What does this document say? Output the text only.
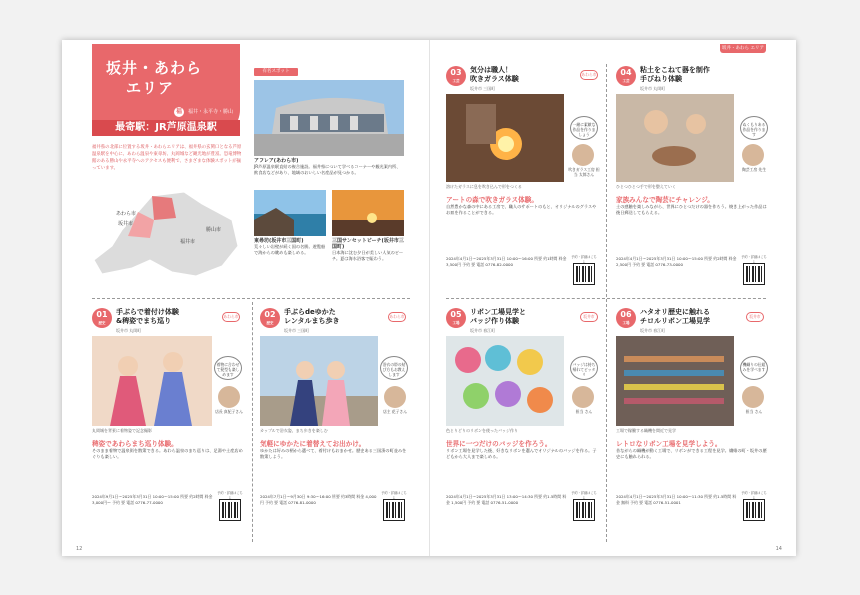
坂井・あわら
エリア
福	福井・永平寺・勝山
最寄駅：JR芦原温泉駅
福井県の北部に位置する坂井・あわらエリアは、福井県の玄関口となる芦原温泉駅を中心に、あわら温泉や東尋坊、丸岡城など観光地が豊富。恐竜博物館のある勝山や永平寺へのアクセスも便利で、さまざまな体験スポットが揃っています。
あわら市
坂井市
福井市
勝山市
有名スポット
アフレア(あわら市)
JR芦原温泉駅直結の複合施設。福井県について学べるコーナーや観光案内所、飲食店などがあり、地域のおいしい名産品が見つかる。
東尋坊(坂井市三国町)
荒々しい岩壁が続く国の名勝。遊覧船で海からの眺めも楽しめる。
三国サンセットビーチ(坂井市三国町)
日本海に沈む夕日が美しい人気のビーチ。夏は海水浴客で賑わう。
坂井・あわら エリア
03
工芸
気分は職人！
吹きガラス体験
坂井市 三国町
あわら市
一緒に素敵な作品を作りましょう
吹きガラス工房 担当 太郎さん
溶けたガラスに息を吹き込んで形をつくる
アートの森で吹きガラス体験。
自然豊かな森の中にある工房で、職人のサポートのもと、オリジナルのグラスやお皿を作ることができる。
2024年4月1日〜2025年3月31日 10:00〜16:00 所要 約1時間 料金 3,500円 予約 要 電話 0776-82-0000
予約・詳細はこちら
04
工芸
粘土をこねて器を制作
手びねり体験
坂井市 丸岡町
ぬくもりある作品を作ります
陶芸工房 先生
ひとつひとつ手で形を整えていく
家族みんなで陶芸にチャレンジ。
土の感触を楽しみながら、世界にひとつだけの器を作ろう。焼き上がった作品は後日郵送してもらえる。
2024年4月1日〜2025年3月31日 10:00〜15:00 所要 約2時間 料金 2,500円 予約 要 電話 0776-73-0000
予約・詳細はこちら
01
歴史
手ぶらで着付け体験
&稗姿でまち巡り
坂井市 丸岡町
あわら市
着物に合わせて髪型も楽しめます
店長 真紀子さん
丸岡城を背景に着物姿で記念撮影
稗姿であわらまち巡り体験。
そのまま着物で温泉街を散策できる。あわら温泉のまち巡りは、足湯や土産店めぐりも楽しい。
2024年9月1日〜2025年3月31日 10:00〜15:00 所要 約2時間 料金 3,000円〜 予約 要 電話 0776-77-0000
予約・詳細はこちら
02
歴史
手ぶらdeゆかた
レンタルまち歩き
坂井市 三国町
あわら市
浴衣の帯の結び方もお教えします
店主 花子さん
カップルで浴衣姿、まち歩きを楽しむ
気軽にゆかたに着替えてお出かけ。
ゆかたは好みの柄から選べて、着付けもおまかせ。歴史ある三国湊の町並みを散策しよう。
2024年7月1日〜9月30日 9:30〜16:00 所要 約3時間 料金 4,000円 予約 要 電話 0776-81-0000
予約・詳細はこちら
05
工場
リボン工場見学と
バッジ作り体験
坂井市 春江町
坂井市
バッジは持ち帰れてピッタリ
担当 さん
色とりどりのリボンを使ったバッジ作り
世界に一つだけのバッジを作ろう。
リボン工場を見学した後、好きなリボンを選んでオリジナルのバッジを作る。子どもから大人まで楽しめる。
2024年4月1日〜2025年3月31日 13:00〜14:30 所要 約1.5時間 料金 1,500円 予約 要 電話 0776-51-0000
予約・詳細はこちら
06
工場
ハタオリ歴史に触れる
チロルリボン工場見学
坂井市 春江町
坂井市
機織りの仕組みを学べます
担当 さん
工場で稼働する織機を間近で見学
レトロなリボン工場を見学しよう。
昔ながらの織機が動く工場で、リボンができる工程を見学。繊維の町・坂井の歴史にも触れられる。
2024年4月1日〜2025年3月31日 10:00〜11:30 所要 約1.5時間 料金 無料 予約 要 電話 0776-51-0001
予約・詳細はこちら
12	14
